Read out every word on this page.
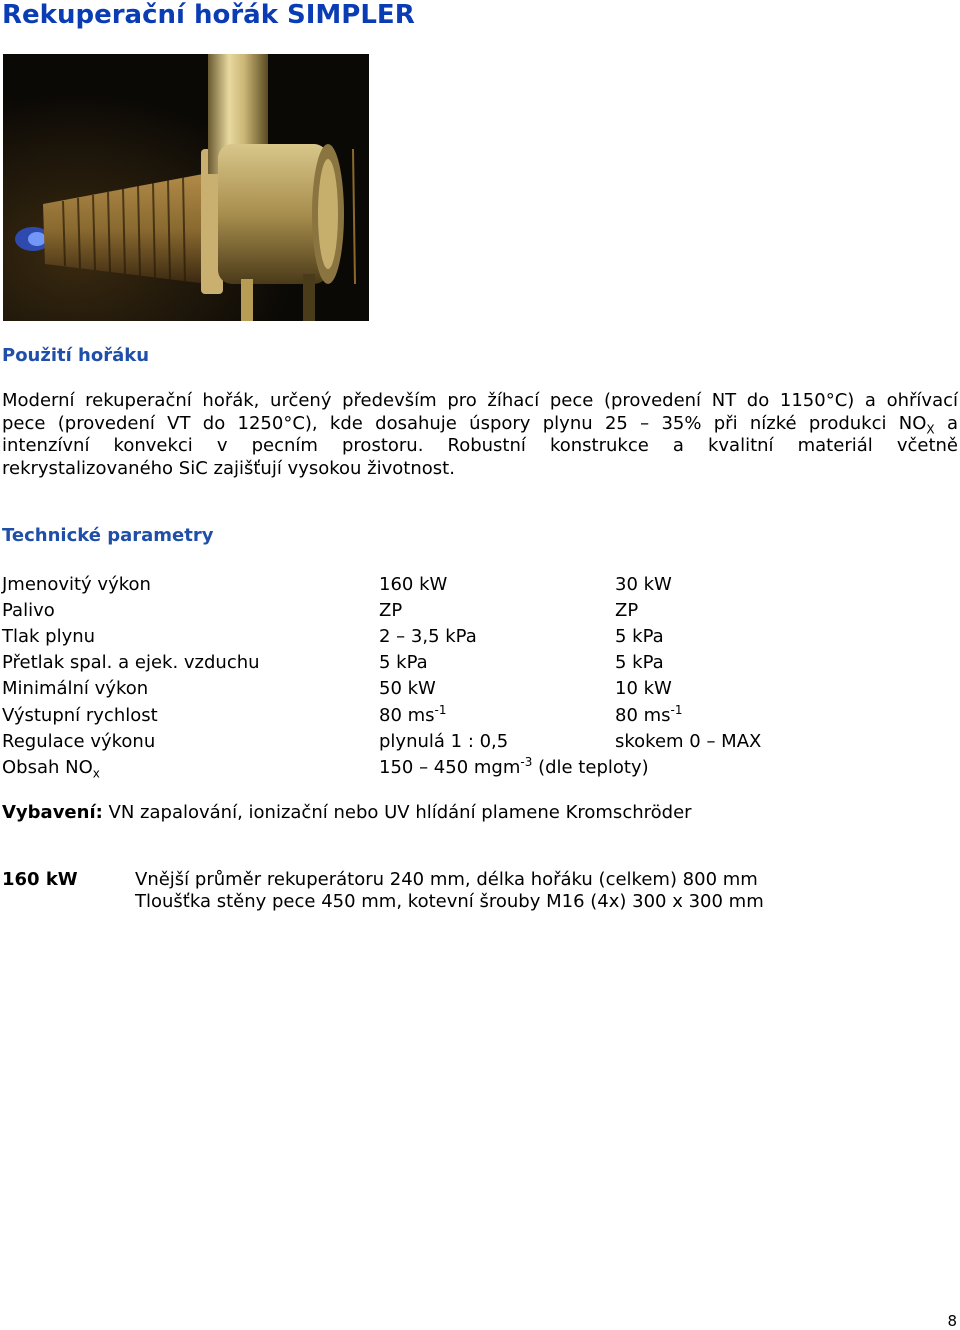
Rekuperační hořák SIMPLER
Použití hořáku
Moderní rekuperační hořák, určený především pro žíhací pece (provedení NT do 1150°C) a ohřívací
pece (provedení VT do 1250°C), kde dosahuje úspory plynu 25 – 35% při nízké produkci $NO_X$ a
intenzívní konvekci v pecním prostoru. Robustní konstrukce a kvalitní materiál včetně
rekrystalizovaného SiC zajišťují vysokou životnost.
Technické parametry
Jmenovitý výkon	160 kW	30 kW
Palivo	ZP	ZP
Tlak plynu	2 – 3,5 kPa	5 kPa
Přetlak spal. a ejek. vzduchu	5 kPa	5 kPa
Minimální výkon	50 kW	10 kW
Výstupní rychlost	80 $ms^{-1}$	80 $ms^{-1}$
Regulace výkonu	plynulá 1 : 0,5	skokem 0 – MAX
Obsah $NO_x$	150 – 450 mgm$^{-3}$ (dle teploty)	

Vybavení: VN zapalování, ionizační nebo UV hlídání plamene Kromschröder

160 kW	Vnější průměr rekuperátoru 240 mm, délka hořáku (celkem) 800 mm
Tloušťka stěny pece 450 mm, kotevní šrouby M16 (4x) 300 x 300 mm
8
